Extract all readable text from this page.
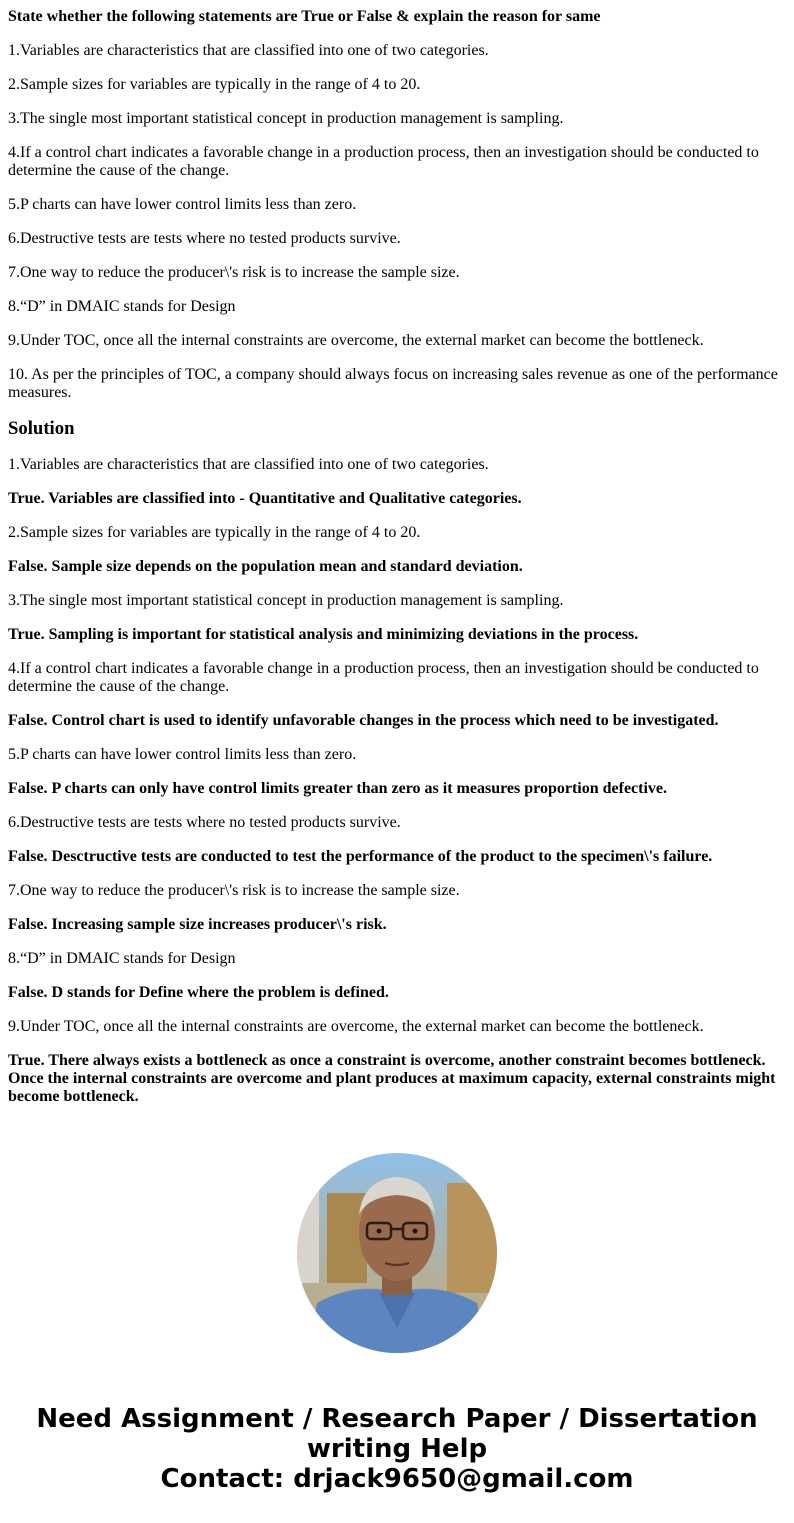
State whether the following statements are True or False & explain the reason for same

1.Variables are characteristics that are classified into one of two categories.

2.Sample sizes for variables are typically in the range of 4 to 20.

3.The single most important statistical concept in production management is sampling.

4.If a control chart indicates a favorable change in a production process, then an investigation should be conducted to determine the cause of the change.

5.P charts can have lower control limits less than zero.

6.Destructive tests are tests where no tested products survive.

7.One way to reduce the producer\'s risk is to increase the sample size.

8.“D” in DMAIC stands for Design

9.Under TOC, once all the internal constraints are overcome, the external market can become the bottleneck.

10. As per the principles of TOC, a company should always focus on increasing sales revenue as one of the performance measures.

Solution

1.Variables are characteristics that are classified into one of two categories.

True. Variables are classified into - Quantitative and Qualitative categories.

2.Sample sizes for variables are typically in the range of 4 to 20.

False. Sample size depends on the population mean and standard deviation.

3.The single most important statistical concept in production management is sampling.

True. Sampling is important for statistical analysis and minimizing deviations in the process.

4.If a control chart indicates a favorable change in a production process, then an investigation should be conducted to determine the cause of the change.

False. Control chart is used to identify unfavorable changes in the process which need to be investigated.

5.P charts can have lower control limits less than zero.

False. P charts can only have control limits greater than zero as it measures proportion defective.

6.Destructive tests are tests where no tested products survive.

False. Desctructive tests are conducted to test the performance of the product to the specimen\'s failure.

7.One way to reduce the producer\'s risk is to increase the sample size.

False. Increasing sample size increases producer\'s risk.

8.“D” in DMAIC stands for Design

False. D stands for Define where the problem is defined.

9.Under TOC, once all the internal constraints are overcome, the external market can become the bottleneck.

True. There always exists a bottleneck as once a constraint is overcome, another constraint becomes bottleneck. Once the internal constraints are overcome and plant produces at maximum capacity, external constraints might become bottleneck.

Need Assignment / Research Paper / Dissertation writing Help
Contact: drjack9650@gmail.com
